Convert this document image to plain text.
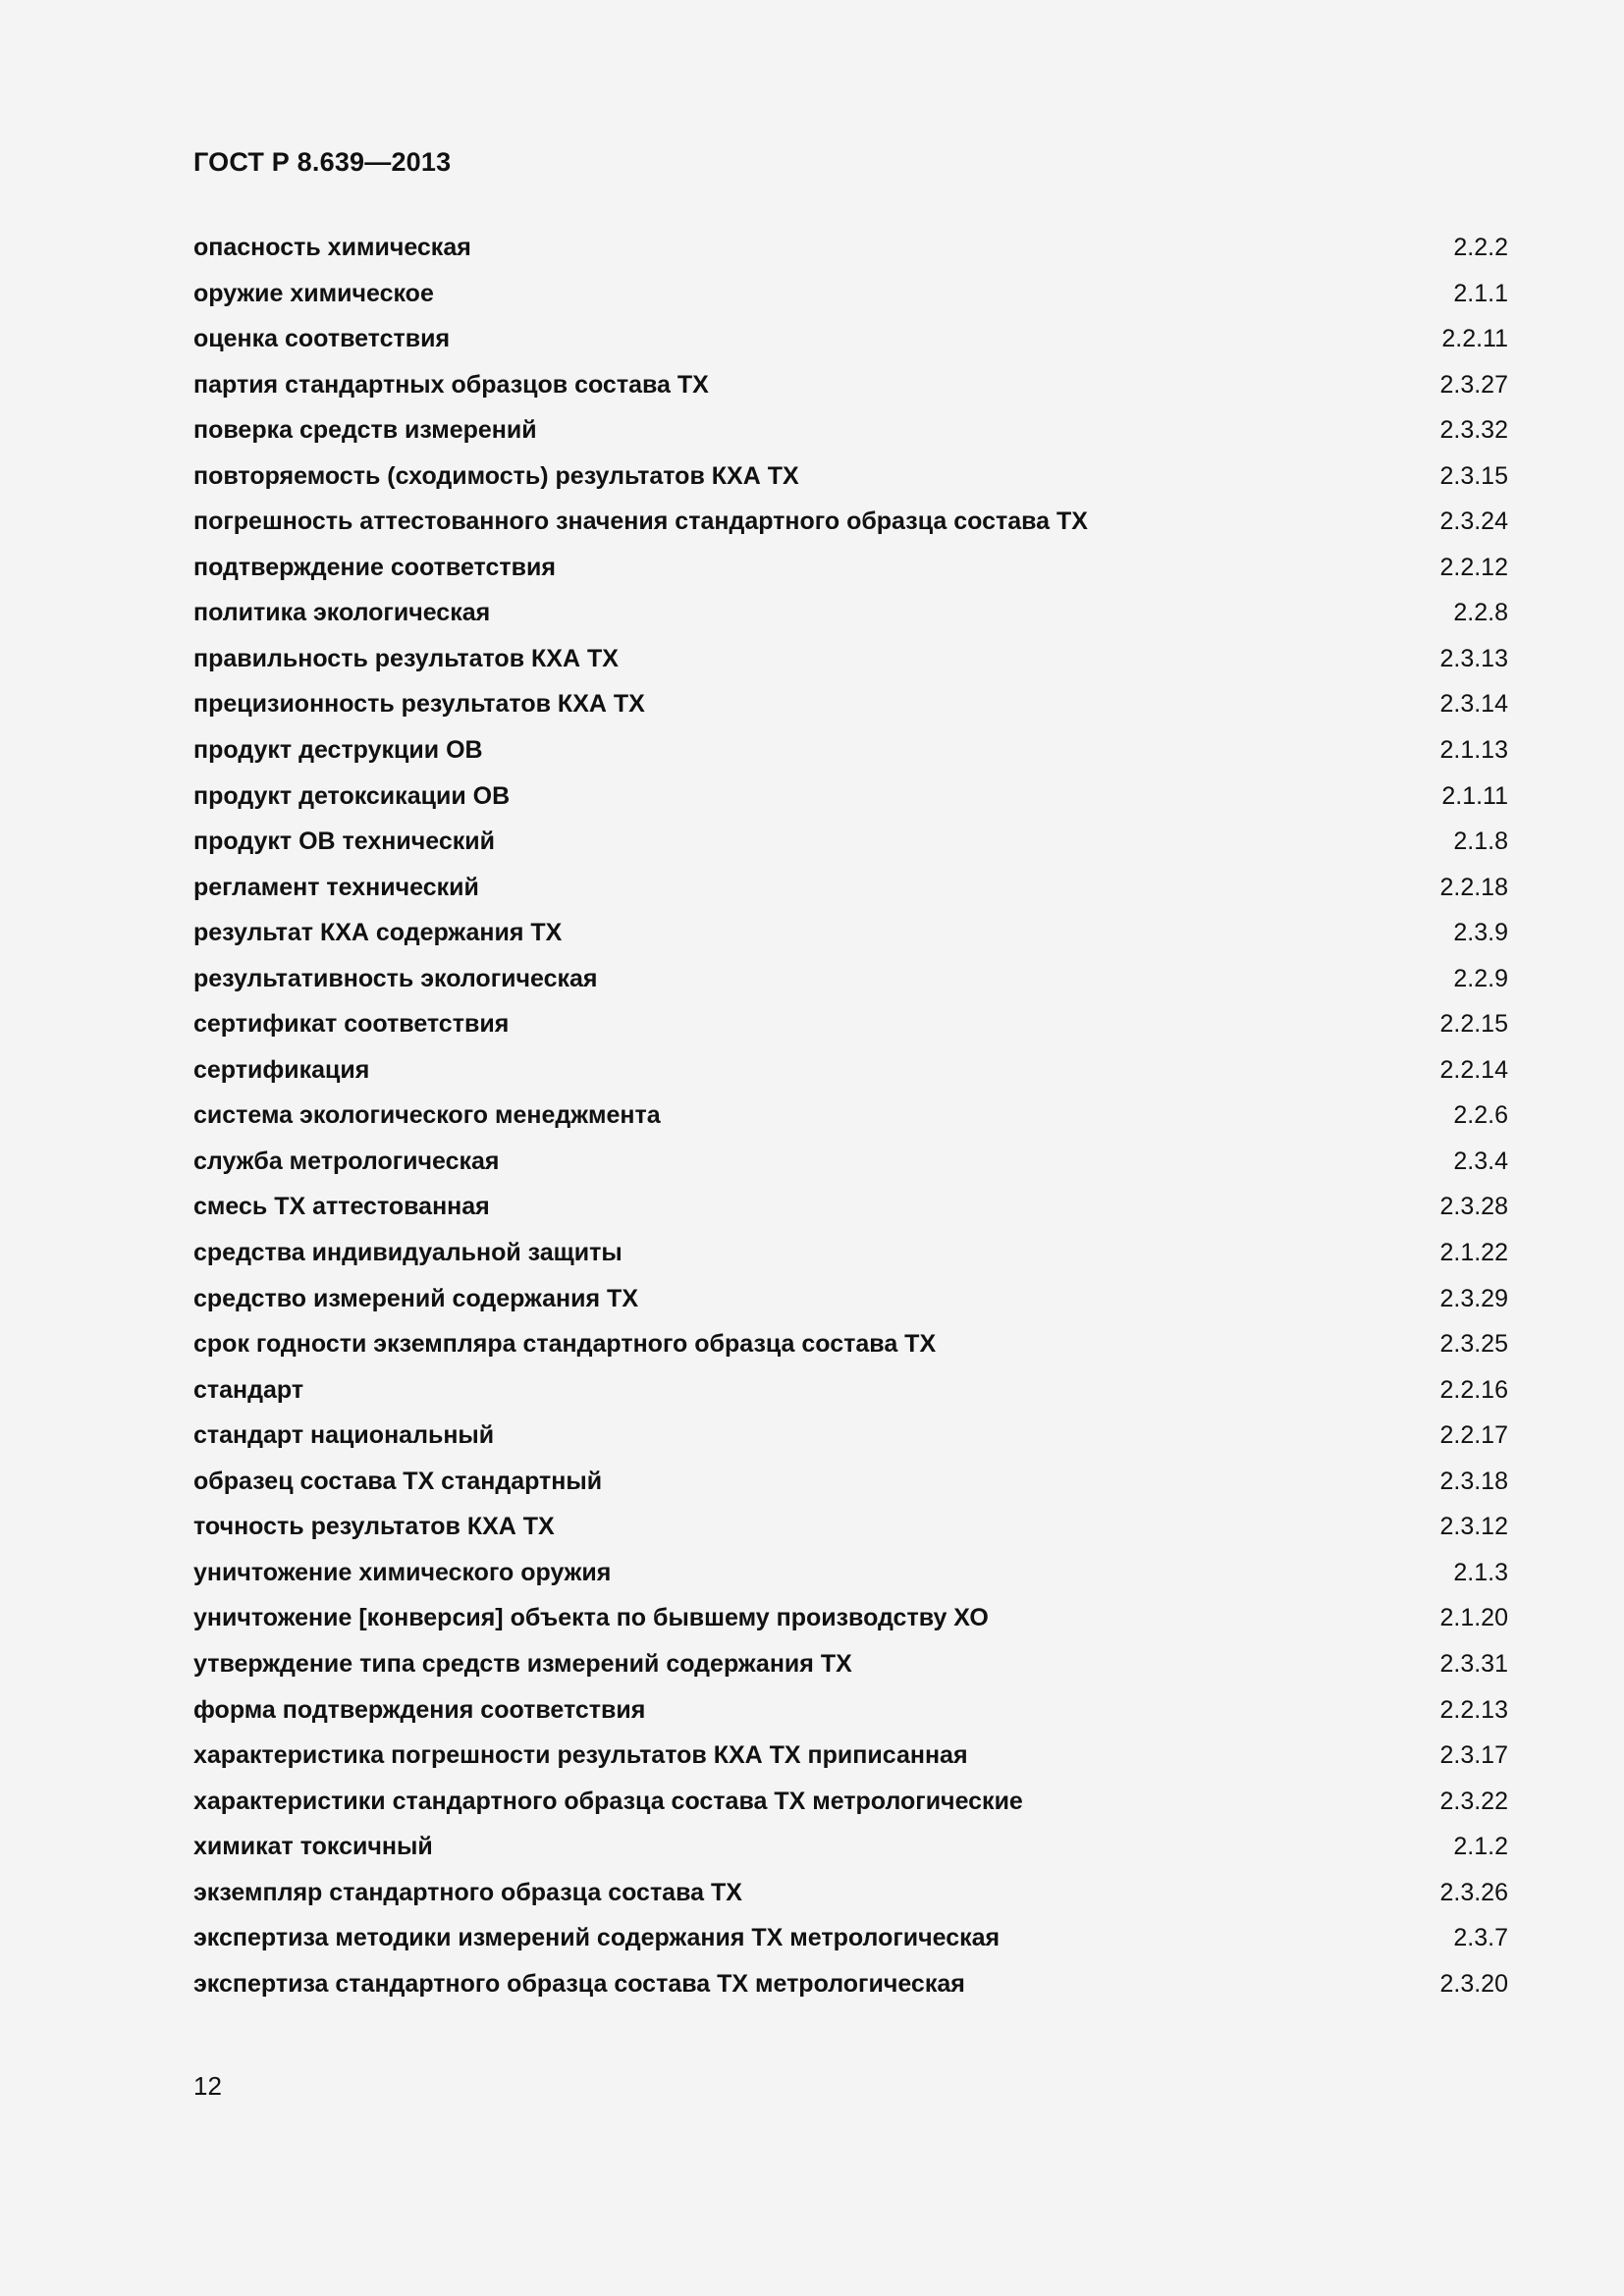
ГОСТ Р 8.639—2013
опасность химическая	2.2.2
оружие химическое	2.1.1
оценка соответствия	2.2.11
партия стандартных образцов состава ТХ	2.3.27
поверка средств измерений	2.3.32
повторяемость (сходимость) результатов КХА ТХ	2.3.15
погрешность аттестованного значения стандартного образца состава ТХ	2.3.24
подтверждение соответствия	2.2.12
политика экологическая	2.2.8
правильность результатов КХА ТХ	2.3.13
прецизионность результатов КХА ТХ	2.3.14
продукт деструкции ОВ	2.1.13
продукт детоксикации ОВ	2.1.11
продукт ОВ технический	2.1.8
регламент технический	2.2.18
результат КХА содержания ТХ	2.3.9
результативность экологическая	2.2.9
сертификат соответствия	2.2.15
сертификация	2.2.14
система экологического менеджмента	2.2.6
служба метрологическая	2.3.4
смесь ТХ аттестованная	2.3.28
средства индивидуальной защиты	2.1.22
средство измерений содержания ТХ	2.3.29
срок годности экземпляра стандартного образца состава ТХ	2.3.25
стандарт	2.2.16
стандарт национальный	2.2.17
образец состава ТХ стандартный	2.3.18
точность результатов КХА ТХ	2.3.12
уничтожение химического оружия	2.1.3
уничтожение [конверсия] объекта по бывшему производству ХО	2.1.20
утверждение типа средств измерений содержания ТХ	2.3.31
форма подтверждения соответствия	2.2.13
характеристика погрешности результатов КХА ТХ приписанная	2.3.17
характеристики стандартного образца состава ТХ метрологические	2.3.22
химикат токсичный	2.1.2
экземпляр стандартного образца состава ТХ	2.3.26
экспертиза методики измерений содержания ТХ метрологическая	2.3.7
экспертиза стандартного образца состава ТХ метрологическая	2.3.20
12
